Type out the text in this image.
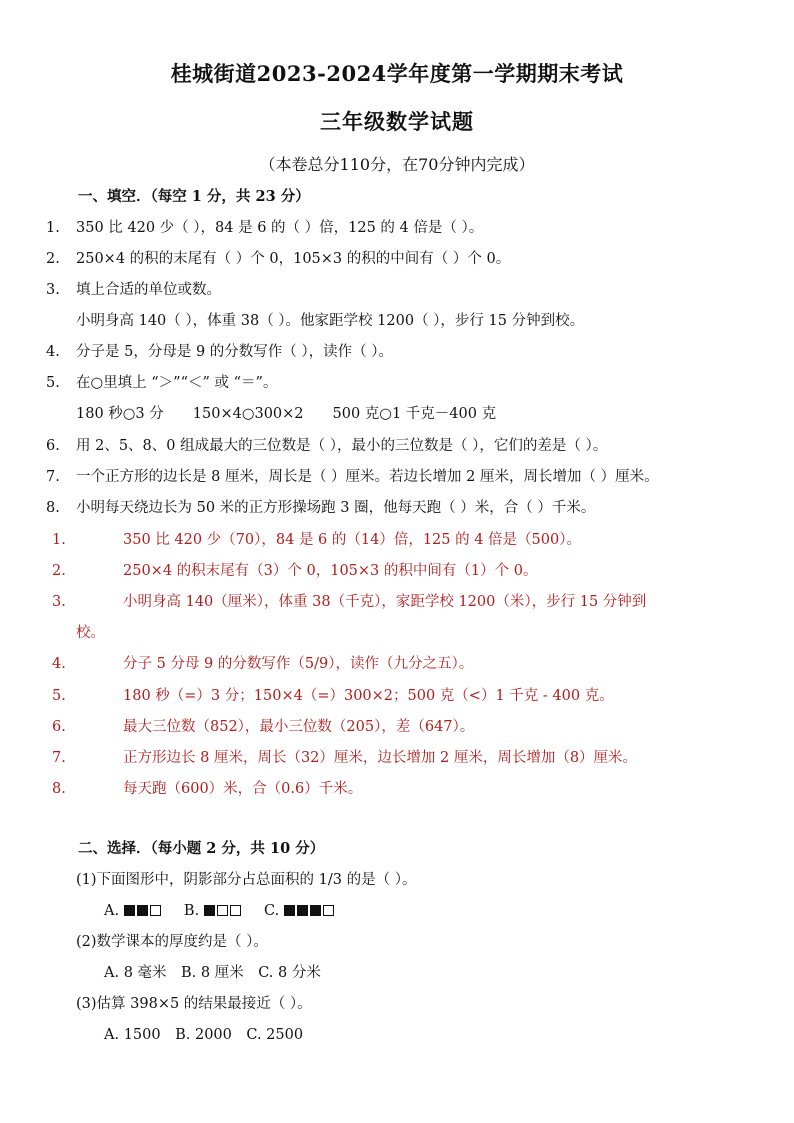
桂城街道2023-2024学年度第一学期期末考试
三年级数学试题
（本卷总分110分，在70分钟内完成）
一、填空．（每空 1 分，共 23 分）
1. 350 比 420 少（ ），84 是 6 的（ ）倍，125 的 4 倍是（ ）。
2. 250×4 的积的末尾有（ ）个 0，105×3 的积的中间有（ ）个 0。
3. 填上合适的单位或数。
小明身高 140（ ），体重 38（ ）。他家距学校 1200（ ），步行 15 分钟到校。
4. 分子是 5，分母是 9 的分数写作（ ），读作（ ）。
5. 在○里填上 “＞”“＜” 或 “＝”。
180 秒○3 分　　150×4○300×2　　500 克○1 千克－400 克
6. 用 2、5、8、0 组成最大的三位数是（ ），最小的三位数是（ ），它们的差是（ ）。
7. 一个正方形的边长是 8 厘米，周长是（ ）厘米。若边长增加 2 厘米，周长增加（ ）厘米。
8. 小明每天绕边长为 50 米的正方形操场跑 3 圈，他每天跑（ ）米，合（ ）千米。
1.	350 比 420 少（70），84 是 6 的（14）倍，125 的 4 倍是（500）。
2.	250×4 的积末尾有（3）个 0，105×3 的积中间有（1）个 0。
3.	小明身高 140（厘米），体重 38（千克），家距学校 1200（米），步行 15 分钟到
校。
4.	分子 5 分母 9 的分数写作（5/9），读作（九分之五）。
5.	180 秒（=）3 分；150×4（=）300×2；500 克（<）1 千克 - 400 克。
6.	最大三位数（852），最小三位数（205），差（647）。
7.	正方形边长 8 厘米，周长（32）厘米，边长增加 2 厘米，周长增加（8）厘米。
8.	每天跑（600）米，合（0.6）千米。
二、选择．（每小题 2 分，共 10 分）
(1)下面图形中，阴影部分占总面积的 1/3 的是（ ）。
A.	B.	C.
(2)数学课本的厚度约是（ ）。
A. 8 毫米　B. 8 厘米　C. 8 分米
(3)估算 398×5 的结果最接近（ ）。
A. 1500　B. 2000　C. 2500
